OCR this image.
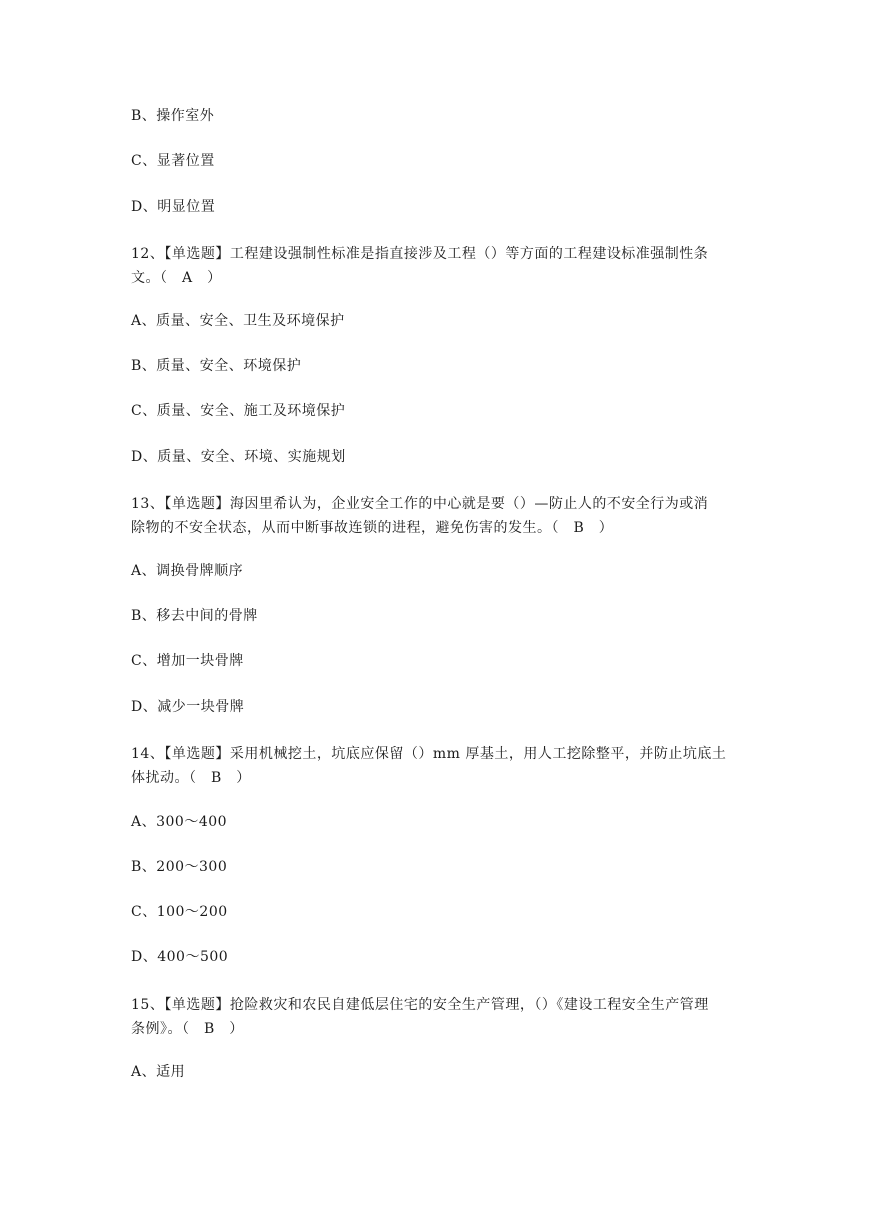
B、操作室外
C、显著位置
D、明显位置
12、【单选题】工程建设强制性标准是指直接涉及工程（）等方面的工程建设标准强制性条
文。（　A　）
A、质量、安全、卫生及环境保护
B、质量、安全、环境保护
C、质量、安全、施工及环境保护
D、质量、安全、环境、实施规划
13、【单选题】海因里希认为，企业安全工作的中心就是要（）—防止人的不安全行为或消
除物的不安全状态，从而中断事故连锁的进程，避免伤害的发生。（　B　）
A、调换骨牌顺序
B、移去中间的骨牌
C、增加一块骨牌
D、减少一块骨牌
14、【单选题】采用机械挖土，坑底应保留（）mm 厚基土，用人工挖除整平，并防止坑底土
体扰动。（　B　）
A、300～400
B、200～300
C、100～200
D、400～500
15、【单选题】抢险救灾和农民自建低层住宅的安全生产管理，（）《建设工程安全生产管理
条例》。（　B　）
A、适用
